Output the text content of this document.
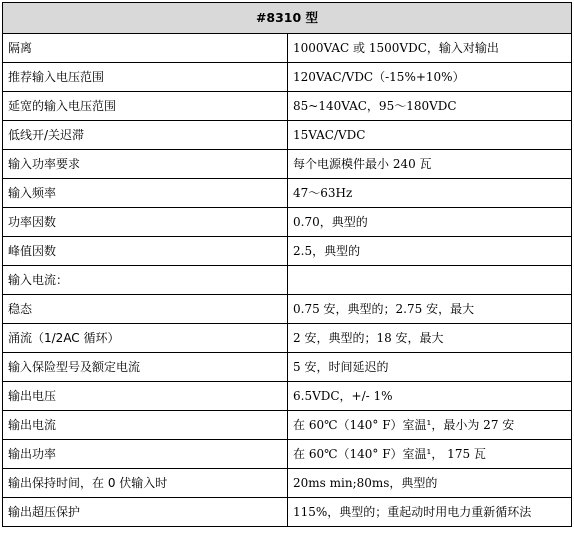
#8310 型	
隔离	1000VAC 或 1500VDC，输入对输出
推荐输入电压范围	120VAC/VDC（-15%+10%）
延宽的输入电压范围	85~140VAC，95～180VDC
低线开/关迟滞	15VAC/VDC
输入功率要求	每个电源模件最小 240 瓦
输入频率	47～63Hz
功率因数	0.70，典型的
峰值因数	2.5，典型的
输入电流：	
稳态	0.75 安，典型的；2.75 安，最大
涌流（1/2AC 循环）	2 安，典型的；18 安，最大
输入保险型号及额定电流	5 安，时间延迟的
输出电压	6.5VDC，+/- 1%
输出电流	在 60℃（140° F）室温¹，最小为 27 安
输出功率	在 60℃（140° F）室温¹， 175 瓦
输出保持时间，在 0 伏输入时	20ms min;80ms，典型的
输出超压保护	115%，典型的；重起动时用电力重新循环法
